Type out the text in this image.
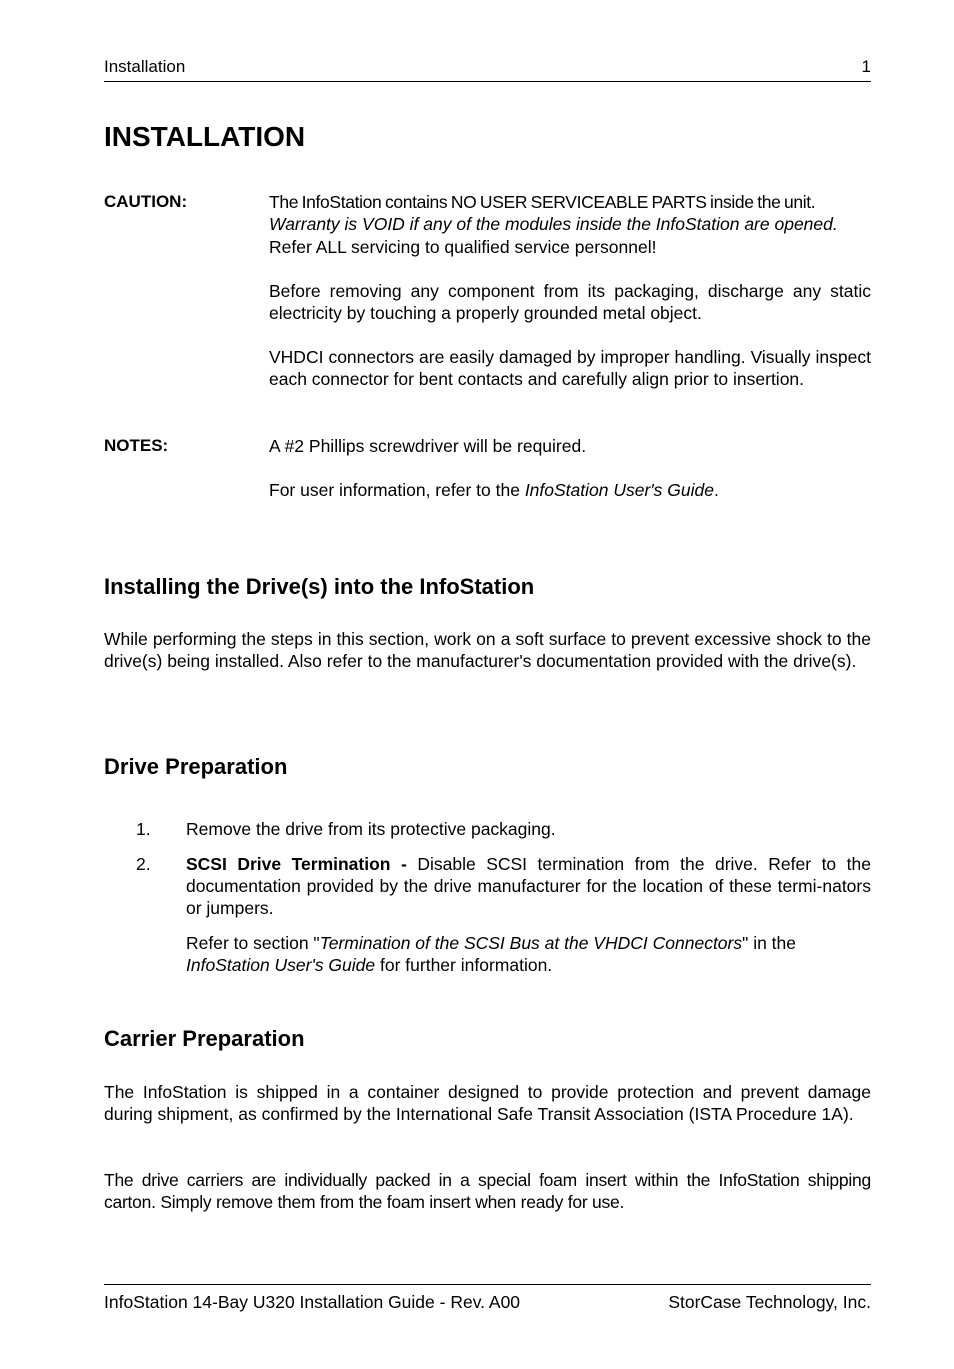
Installation	1
INSTALLATION
CAUTION:	The InfoStation contains NO USER SERVICEABLE PARTS inside the unit.
Warranty is VOID if any of the modules inside the InfoStation are opened.
Refer ALL servicing to qualified service personnel!

Before removing any component from its packaging, discharge any static electricity by touching a properly grounded metal object.

VHDCI connectors are easily damaged by improper handling. Visually inspect each connector for bent contacts and carefully align prior to insertion.

NOTES:	A #2 Phillips screwdriver will be required.

For user information, refer to the InfoStation User's Guide.

Installing the Drive(s) into the InfoStation

While performing the steps in this section, work on a soft surface to prevent excessive shock to the drive(s) being installed. Also refer to the manufacturer's documentation provided with the drive(s).

Drive Preparation
1. Remove the drive from its protective packaging.
2. SCSI Drive Termination - Disable SCSI termination from the drive. Refer to the documentation provided by the drive manufacturer for the location of these termi-nators or jumpers.

Refer to section "Termination of the SCSI Bus at the VHDCI Connectors" in the
InfoStation User's Guide for further information.

Carrier Preparation

The InfoStation is shipped in a container designed to provide protection and prevent damage during shipment, as confirmed by the International Safe Transit Association (ISTA Procedure 1A).

The drive carriers are individually packed in a special foam insert within the InfoStation shipping carton. Simply remove them from the foam insert when ready for use.

InfoStation 14-Bay U320 Installation Guide - Rev. A00	StorCase Technology, Inc.
